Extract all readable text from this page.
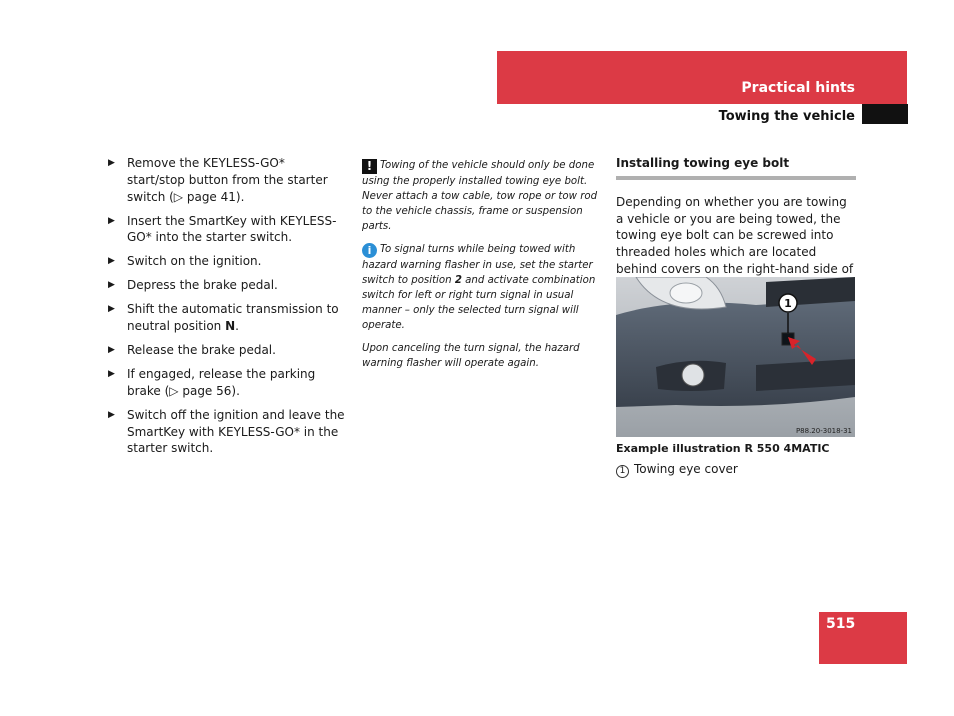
Practical hints
Towing the vehicle
▶ Remove the KEYLESS-GO* start/stop button from the starter switch (▷ page 41).
▶ Insert the SmartKey with KEYLESS-GO* into the starter switch.
▶ Switch on the ignition.
▶ Depress the brake pedal.
▶ Shift the automatic transmission to neutral position N.
▶ Release the brake pedal.
▶ If engaged, release the parking brake (▷ page 56).
▶ Switch off the ignition and leave the SmartKey with KEYLESS-GO* in the starter switch.
! Towing of the vehicle should only be done using the properly installed towing eye bolt. Never attach a tow cable, tow rope or tow rod to the vehicle chassis, frame or suspension parts.
i To signal turns while being towed with hazard warning flasher in use, set the starter switch to position 2 and activate combination switch for left or right turn signal in usual manner – only the selected turn signal will operate.
Upon canceling the turn signal, the hazard warning flasher will operate again.
Installing towing eye bolt

Depending on whether you are towing a vehicle or you are being towed, the towing eye bolt can be screwed into threaded holes which are located behind covers on the right-hand side of

1
P88.20-3018-31
Example illustration R 550 4MATIC
1 Towing eye cover
515
